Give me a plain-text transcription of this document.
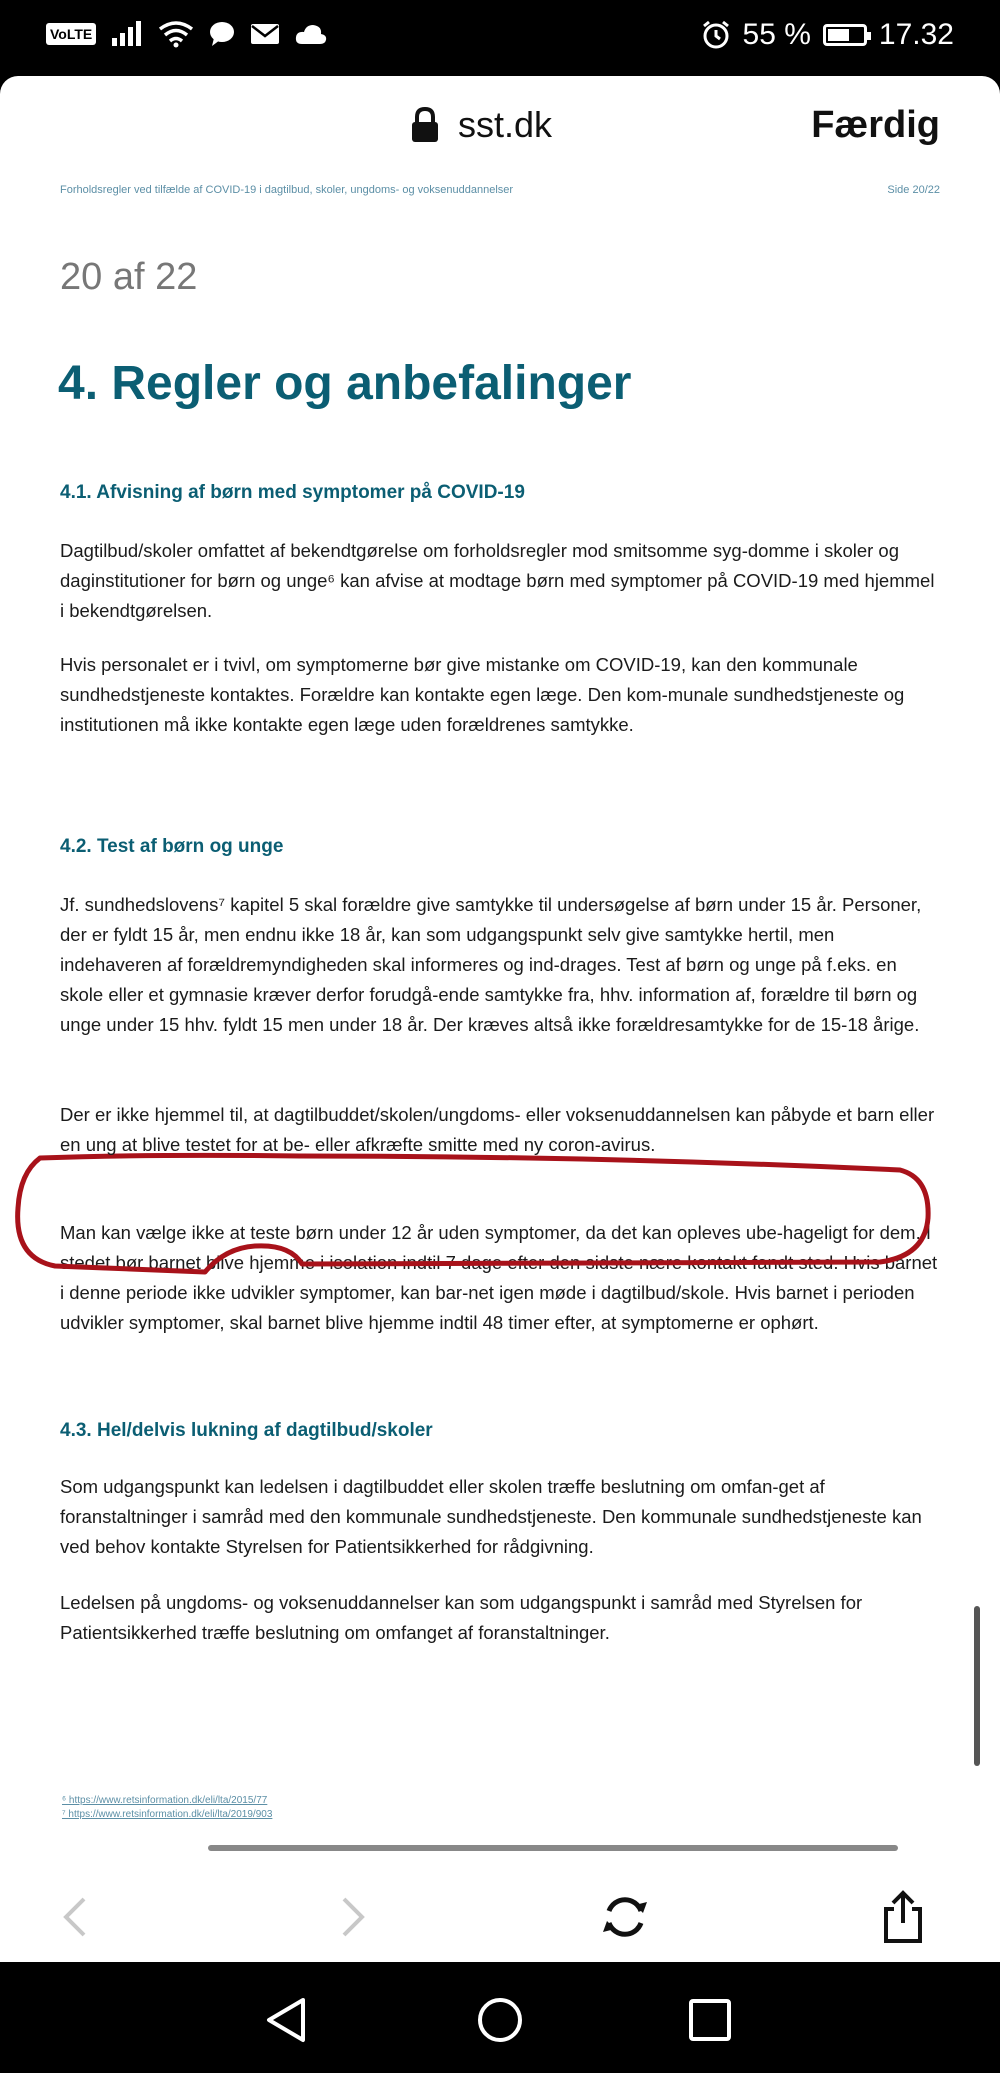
VoLTE	55 % 17.32
sst.dk	Færdig
Forholdsregler ved tilfælde af COVID-19 i dagtilbud, skoler, ungdoms- og voksenuddannelser	Side 20/22
20 af 22
4. Regler og anbefalinger
4.1. Afvisning af børn med symptomer på COVID-19

Dagtilbud/skoler omfattet af bekendtgørelse om forholdsregler mod smitsomme syg-domme i skoler og daginstitutioner for børn og unge⁶ kan afvise at modtage børn med symptomer på COVID-19 med hjemmel i bekendtgørelsen.

Hvis personalet er i tvivl, om symptomerne bør give mistanke om COVID-19, kan den kommunale sundhedstjeneste kontaktes. Forældre kan kontakte egen læge. Den kom-munale sundhedstjeneste og institutionen må ikke kontakte egen læge uden forældrenes samtykke.

4.2. Test af børn og unge

Jf. sundhedslovens⁷ kapitel 5 skal forældre give samtykke til undersøgelse af børn under 15 år. Personer, der er fyldt 15 år, men endnu ikke 18 år, kan som udgangspunkt selv give samtykke hertil, men indehaveren af forældremyndigheden skal informeres og ind-drages. Test af børn og unge på f.eks. en skole eller et gymnasie kræver derfor forudgå-ende samtykke fra, hhv. information af, forældre til børn og unge under 15 hhv. fyldt 15 men under 18 år. Der kræves altså ikke forældresamtykke for de 15-18 årige.

Der er ikke hjemmel til, at dagtilbuddet/skolen/ungdoms- eller voksenuddannelsen kan påbyde et barn eller en ung at blive testet for at be- eller afkræfte smitte med ny coron-avirus.

Man kan vælge ikke at teste børn under 12 år uden symptomer, da det kan opleves ube-hageligt for dem. I stedet bør barnet blive hjemme i isolation indtil 7 dage efter den sidste nære kontakt fandt sted. Hvis barnet i denne periode ikke udvikler symptomer, kan bar-net igen møde i dagtilbud/skole. Hvis barnet i perioden udvikler symptomer, skal barnet blive hjemme indtil 48 timer efter, at symptomerne er ophørt.

4.3. Hel/delvis lukning af dagtilbud/skoler

Som udgangspunkt kan ledelsen i dagtilbuddet eller skolen træffe beslutning om omfan-get af foranstaltninger i samråd med den kommunale sundhedstjeneste. Den kommunale sundhedstjeneste kan ved behov kontakte Styrelsen for Patientsikkerhed for rådgivning.

Ledelsen på ungdoms- og voksenuddannelser kan som udgangspunkt i samråd med Styrelsen for Patientsikkerhed træffe beslutning om omfanget af foranstaltninger.

⁶ https://www.retsinformation.dk/eli/lta/2015/77
⁷ https://www.retsinformation.dk/eli/lta/2019/903
